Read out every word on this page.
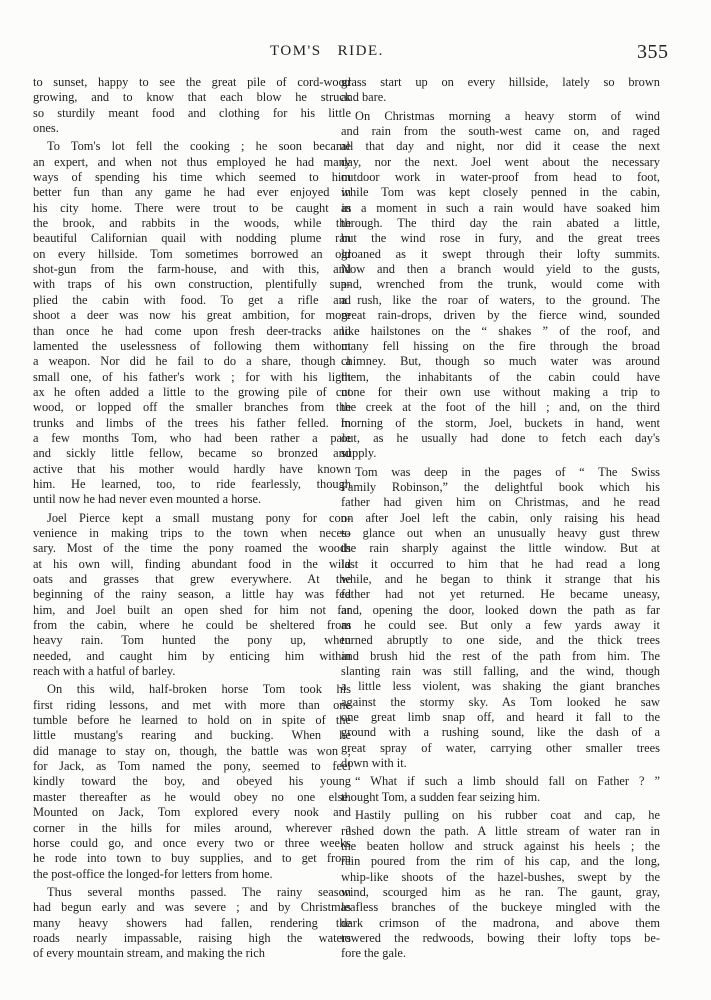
TOM'S RIDE.	355

to sunset, happy to see the great pile of cord-wood
growing, and to know that each blow he struck
so sturdily meant food and clothing for his little
ones.

To Tom's lot fell the cooking ; he soon became
an expert, and when not thus employed he had many
ways of spending his time which seemed to him
better fun than any game he had ever enjoyed in
his city home. There were trout to be caught in
the brook, and rabbits in the woods, while the
beautiful Californian quail with nodding plume ran
on every hillside. Tom sometimes borrowed an old
shot-gun from the farm-house, and with this, and
with traps of his own construction, plentifully sup-
plied the cabin with food. To get a rifle and
shoot a deer was now his great ambition, for more
than once he had come upon fresh deer-tracks and
lamented the uselessness of following them without
a weapon. Nor did he fail to do a share, though a
small one, of his father's work ; for with his light
ax he often added a little to the growing pile of cut
wood, or lopped off the smaller branches from the
trunks and limbs of the trees his father felled. In
a few months Tom, who had been rather a pale
and sickly little fellow, became so bronzed and
active that his mother would hardly have known
him. He learned, too, to ride fearlessly, though
until now he had never even mounted a horse.

Joel Pierce kept a small mustang pony for con-
venience in making trips to the town when neces-
sary. Most of the time the pony roamed the woods
at his own will, finding abundant food in the wild
oats and grasses that grew everywhere. At the
beginning of the rainy season, a little hay was fed
him, and Joel built an open shed for him not far
from the cabin, where he could be sheltered from
heavy rain. Tom hunted the pony up, when
needed, and caught him by enticing him within
reach with a hatful of barley.

On this wild, half-broken horse Tom took his
first riding lessons, and met with more than one
tumble before he learned to hold on in spite of the
little mustang's rearing and bucking. When he
did manage to stay on, though, the battle was won ;
for Jack, as Tom named the pony, seemed to feel
kindly toward the boy, and obeyed his young
master thereafter as he would obey no one else.
Mounted on Jack, Tom explored every nook and
corner in the hills for miles around, wherever a
horse could go, and once every two or three weeks
he rode into town to buy supplies, and to get from
the post-office the longed-for letters from home.

Thus several months passed. The rainy season
had begun early and was severe ; and by Christmas
many heavy showers had fallen, rendering the
roads nearly impassable, raising high the waters
of every mountain stream, and making the rich

grass start up on every hillside, lately so brown
and bare.

On Christmas morning a heavy storm of wind
and rain from the south-west came on, and raged
all that day and night, nor did it cease the next
day, nor the next. Joel went about the necessary
outdoor work in water-proof from head to foot,
while Tom was kept closely penned in the cabin,
as a moment in such a rain would have soaked him
through. The third day the rain abated a little,
but the wind rose in fury, and the great trees
groaned as it swept through their lofty summits.
Now and then a branch would yield to the gusts,
and, wrenched from the trunk, would come with
a rush, like the roar of waters, to the ground. The
great rain-drops, driven by the fierce wind, sounded
like hailstones on the “ shakes ” of the roof, and
many fell hissing on the fire through the broad
chimney. But, though so much water was around
them, the inhabitants of the cabin could have
none for their own use without making a trip to
the creek at the foot of the hill ; and, on the third
morning of the storm, Joel, buckets in hand, went
out, as he usually had done to fetch each day's
supply.

Tom was deep in the pages of “ The Swiss
Family Robinson,” the delightful book which his
father had given him on Christmas, and he read
on after Joel left the cabin, only raising his head
to glance out when an unusually heavy gust threw
the rain sharply against the little window. But at
last it occurred to him that he had read a long
while, and he began to think it strange that his
father had not yet returned. He became uneasy,
and, opening the door, looked down the path as far
as he could see. But only a few yards away it
turned abruptly to one side, and the thick trees
and brush hid the rest of the path from him. The
slanting rain was still falling, and the wind, though
a little less violent, was shaking the giant branches
against the stormy sky. As Tom looked he saw
one great limb snap off, and heard it fall to the
ground with a rushing sound, like the dash of a
great spray of water, carrying other smaller trees
down with it.

“ What if such a limb should fall on Father ? ”
thought Tom, a sudden fear seizing him.

Hastily pulling on his rubber coat and cap, he
rushed down the path. A little stream of water ran in
the beaten hollow and struck against his heels ; the
rain poured from the rim of his cap, and the long,
whip-like shoots of the hazel-bushes, swept by the
wind, scourged him as he ran. The gaunt, gray,
leafless branches of the buckeye mingled with the
dark crimson of the madrona, and above them
towered the redwoods, bowing their lofty tops be-
fore the gale.
